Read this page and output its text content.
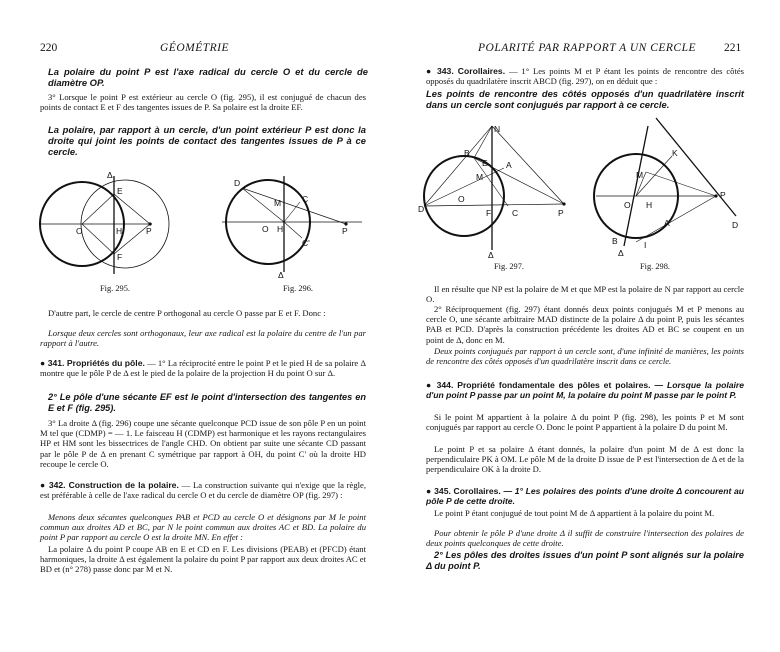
220	GÉOMÉTRIE

La polaire du point P est l'axe radical du cercle O et du cercle de diamètre OP.

3° Lorsque le point P est extérieur au cercle O (fig. 295), il est conjugué de chacun des points de contact E et F des tangentes issues de P. Sa polaire est la droite EF.

La polaire, par rapport à un cercle, d'un point extérieur P est donc la droite qui joint les points de contact des tangentes issues de P à ce cercle.

Δ
E
F
O	H	P
Fig. 295.
D
M C
O H	P
C'
Δ
Fig. 296.

D'autre part, le cercle de centre P orthogonal au cercle O passe par E et F. Donc :

Lorsque deux cercles sont orthogonaux, leur axe radical est la polaire du centre de l'un par rapport à l'autre.

● 341. Propriétés du pôle. — 1° La réciprocité entre le point P et le pied H de sa polaire Δ montre que le pôle P de Δ est le pied de la polaire de la projection H du point O sur Δ.

2° Le pôle d'une sécante EF est le point d'intersection des tangentes en E et F (fig. 295).

3° La droite Δ (fig. 296) coupe une sécante quelconque PCD issue de son pôle P en un point M tel que (CDMP) = — 1. Le faisceau H (CDMP) est harmonique et les rayons rectangulaires HP et HM sont les bissectrices de l'angle CHD. On obtient par suite une sécante CD passant par le pôle P de Δ en prenant C symétrique par rapport à OH, du point C' où la droite HD recoupe le cercle O.

● 342. Construction de la polaire. — La construction suivante qui n'exige que la règle, est préférable à celle de l'axe radical du cercle O et du cercle de diamètre OP (fig. 297) :

Menons deux sécantes quelconques PAB et PCD au cercle O et désignons par M le point commun aux droites AD et BC, par N le point commun aux droites AC et BD. La polaire du point P par rapport au cercle O est la droite MN. En effet :

La polaire Δ du point P coupe AB en E et CD en F. Les divisions (PEAB) et (PFCD) étant harmoniques, la droite Δ est également la polaire du point P par rapport aux deux droites AC et BD et (n° 278) passe donc par M et N.

POLARITÉ PAR RAPPORT A UN CERCLE 221

● 343. Corollaires. — 1° Les points M et P étant les points de rencontre des côtés opposés du quadrilatère inscrit ABCD (fig. 297), on en déduit que :

Les points de rencontre des côtés opposés d'un quadrilatère inscrit dans un cercle sont conjugués par rapport à ce cercle.

N
B
E A
M
O
D	F C	P
Δ
Fig. 297.
K
M
O H
P
A
B	I
D
Δ
Fig. 298.

Il en résulte que NP est la polaire de M et que MP est la polaire de N par rapport au cercle O.

2° Réciproquement (fig. 297) étant donnés deux points conjugués M et P menons au cercle O, une sécante arbitraire MAD distincte de la polaire Δ du point P, puis les sécantes PAB et PCD. D'après la construction précédente les droites AD et BC se coupent en un point de Δ, donc en M.

Deux points conjugués par rapport à un cercle sont, d'une infinité de manières, les points de rencontre des côtés opposés d'un quadrilatère inscrit dans ce cercle.

● 344. Propriété fondamentale des pôles et polaires. — Lorsque la polaire d'un point P passe par un point M, la polaire du point M passe par le point P.

Si le point M appartient à la polaire Δ du point P (fig. 298), les points P et M sont conjugués par rapport au cercle O. Donc le point P appartient à la polaire D du point M.

Le point P et sa polaire Δ étant donnés, la polaire d'un point M de Δ est donc la perpendiculaire PK à OM. Le pôle M de la droite D issue de P est l'intersection de Δ et de la perpendiculaire OK à la droite D.

● 345. Corollaires. — 1° Les polaires des points d'une droite Δ concourent au pôle P de cette droite.

Le point P étant conjugué de tout point M de Δ appartient à la polaire du point M.

Pour obtenir le pôle P d'une droite Δ il suffit de construire l'intersection des polaires de deux points quelconques de cette droite.

2° Les pôles des droites issues d'un point P sont alignés sur la polaire Δ du point P.
